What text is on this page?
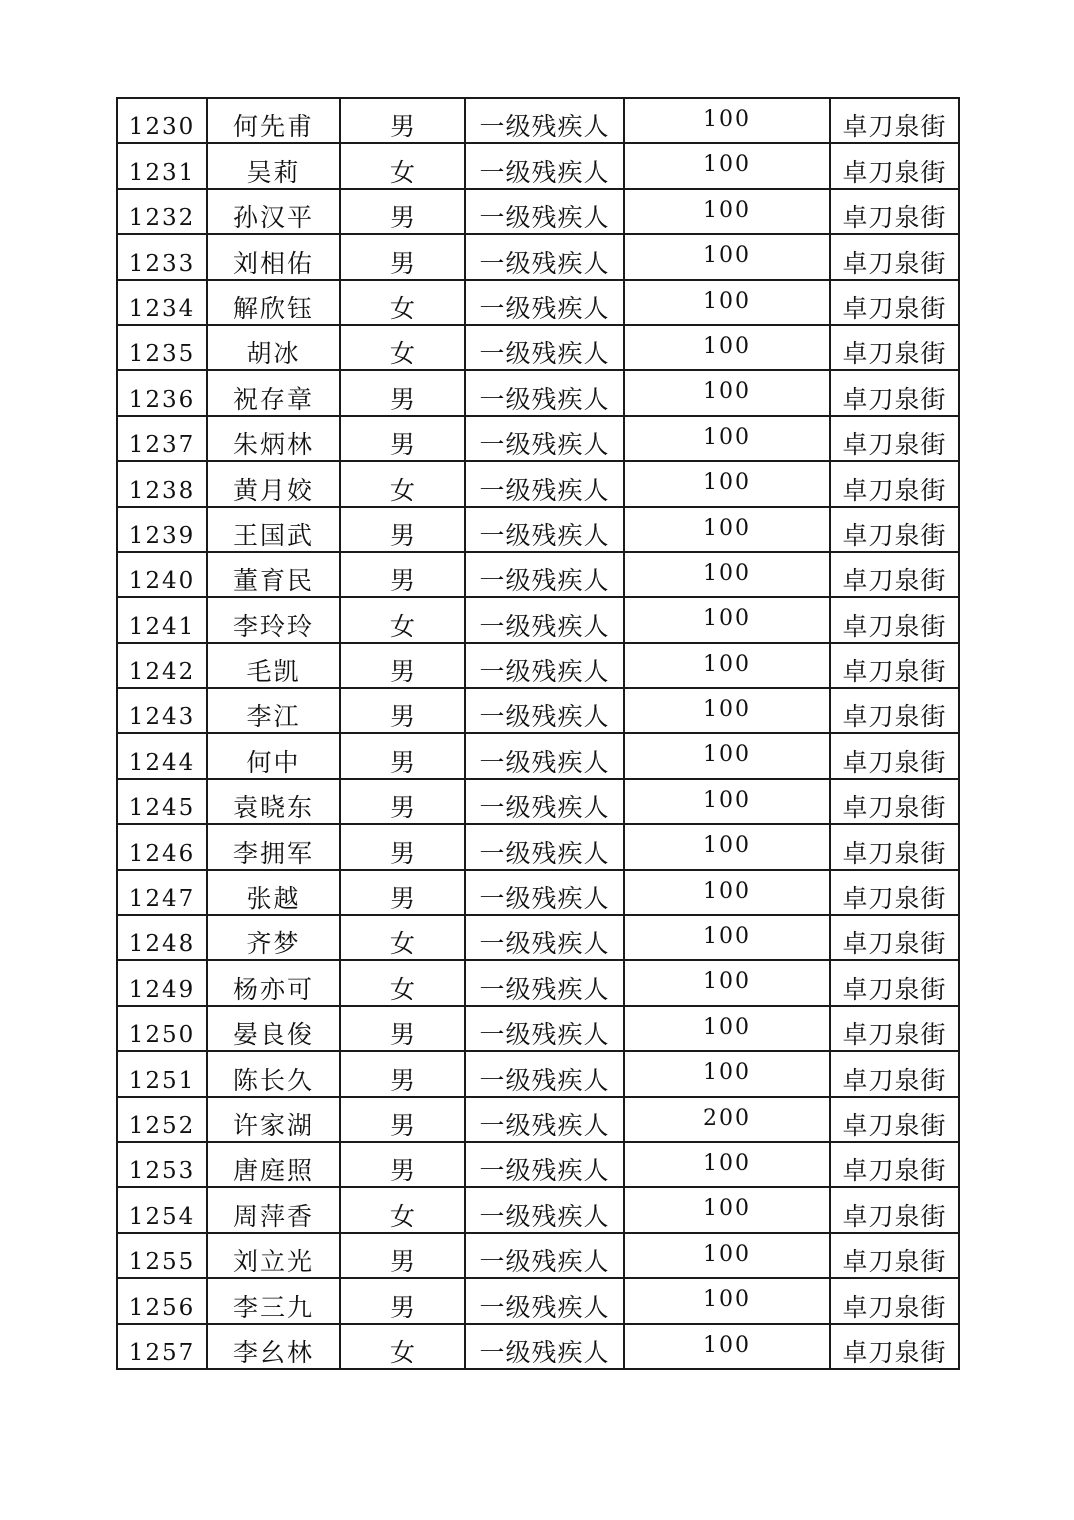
1230	何先甫	男	一级残疾人	100	卓刀泉街
1231	吴莉	女	一级残疾人	100	卓刀泉街
1232	孙汉平	男	一级残疾人	100	卓刀泉街
1233	刘相佑	男	一级残疾人	100	卓刀泉街
1234	解欣钰	女	一级残疾人	100	卓刀泉街
1235	胡冰	女	一级残疾人	100	卓刀泉街
1236	祝存章	男	一级残疾人	100	卓刀泉街
1237	朱炳林	男	一级残疾人	100	卓刀泉街
1238	黄月姣	女	一级残疾人	100	卓刀泉街
1239	王国武	男	一级残疾人	100	卓刀泉街
1240	董育民	男	一级残疾人	100	卓刀泉街
1241	李玲玲	女	一级残疾人	100	卓刀泉街
1242	毛凯	男	一级残疾人	100	卓刀泉街
1243	李江	男	一级残疾人	100	卓刀泉街
1244	何中	男	一级残疾人	100	卓刀泉街
1245	袁晓东	男	一级残疾人	100	卓刀泉街
1246	李拥军	男	一级残疾人	100	卓刀泉街
1247	张越	男	一级残疾人	100	卓刀泉街
1248	齐梦	女	一级残疾人	100	卓刀泉街
1249	杨亦可	女	一级残疾人	100	卓刀泉街
1250	晏良俊	男	一级残疾人	100	卓刀泉街
1251	陈长久	男	一级残疾人	100	卓刀泉街
1252	许家湖	男	一级残疾人	200	卓刀泉街
1253	唐庭照	男	一级残疾人	100	卓刀泉街
1254	周萍香	女	一级残疾人	100	卓刀泉街
1255	刘立光	男	一级残疾人	100	卓刀泉街
1256	李三九	男	一级残疾人	100	卓刀泉街
1257	李幺林	女	一级残疾人	100	卓刀泉街
